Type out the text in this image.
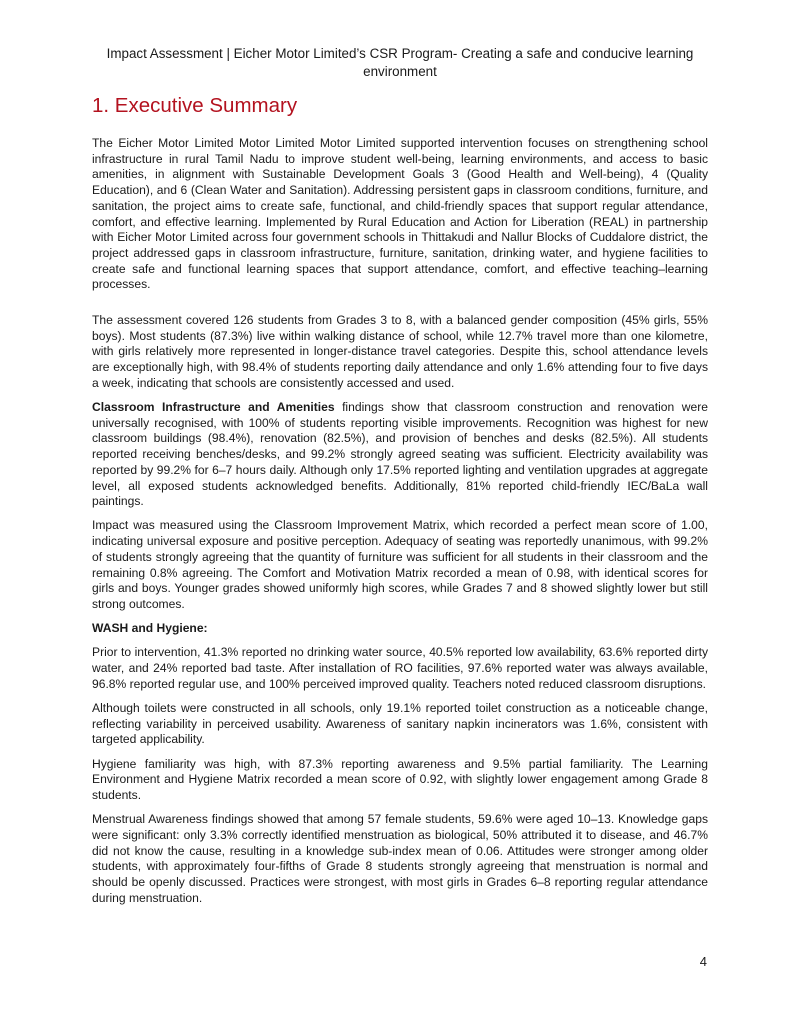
Impact Assessment | Eicher Motor Limited’s CSR Program- Creating a safe and conducive learning environment
1. Executive Summary

The Eicher Motor Limited Motor Limited Motor Limited supported intervention focuses on strengthening school infrastructure in rural Tamil Nadu to improve student well-being, learning environments, and access to basic amenities, in alignment with Sustainable Development Goals 3 (Good Health and Well-being), 4 (Quality Education), and 6 (Clean Water and Sanitation). Addressing persistent gaps in classroom conditions, furniture, and sanitation, the project aims to create safe, functional, and child-friendly spaces that support regular attendance, comfort, and effective learning. Implemented by Rural Education and Action for Liberation (REAL) in partnership with Eicher Motor Limited across four government schools in Thittakudi and Nallur Blocks of Cuddalore district, the project addressed gaps in classroom infrastructure, furniture, sanitation, drinking water, and hygiene facilities to create safe and functional learning spaces that support attendance, comfort, and effective teaching–learning processes.

The assessment covered 126 students from Grades 3 to 8, with a balanced gender composition (45% girls, 55% boys). Most students (87.3%) live within walking distance of school, while 12.7% travel more than one kilometre, with girls relatively more represented in longer-distance travel categories. Despite this, school attendance levels are exceptionally high, with 98.4% of students reporting daily attendance and only 1.6% attending four to five days a week, indicating that schools are consistently accessed and used.

Classroom Infrastructure and Amenities findings show that classroom construction and renovation were universally recognised, with 100% of students reporting visible improvements. Recognition was highest for new classroom buildings (98.4%), renovation (82.5%), and provision of benches and desks (82.5%). All students reported receiving benches/desks, and 99.2% strongly agreed seating was sufficient. Electricity availability was reported by 99.2% for 6–7 hours daily. Although only 17.5% reported lighting and ventilation upgrades at aggregate level, all exposed students acknowledged benefits. Additionally, 81% reported child-friendly IEC/BaLa wall paintings.

Impact was measured using the Classroom Improvement Matrix, which recorded a perfect mean score of 1.00, indicating universal exposure and positive perception. Adequacy of seating was reportedly unanimous, with 99.2% of students strongly agreeing that the quantity of furniture was sufficient for all students in their classroom and the remaining 0.8% agreeing. The Comfort and Motivation Matrix recorded a mean of 0.98, with identical scores for girls and boys. Younger grades showed uniformly high scores, while Grades 7 and 8 showed slightly lower but still strong outcomes.

WASH and Hygiene:

Prior to intervention, 41.3% reported no drinking water source, 40.5% reported low availability, 63.6% reported dirty water, and 24% reported bad taste. After installation of RO facilities, 97.6% reported water was always available, 96.8% reported regular use, and 100% perceived improved quality. Teachers noted reduced classroom disruptions.

Although toilets were constructed in all schools, only 19.1% reported toilet construction as a noticeable change, reflecting variability in perceived usability. Awareness of sanitary napkin incinerators was 1.6%, consistent with targeted applicability.

Hygiene familiarity was high, with 87.3% reporting awareness and 9.5% partial familiarity. The Learning Environment and Hygiene Matrix recorded a mean score of 0.92, with slightly lower engagement among Grade 8 students.

Menstrual Awareness findings showed that among 57 female students, 59.6% were aged 10–13. Knowledge gaps were significant: only 3.3% correctly identified menstruation as biological, 50% attributed it to disease, and 46.7% did not know the cause, resulting in a knowledge sub-index mean of 0.06. Attitudes were stronger among older students, with approximately four-fifths of Grade 8 students strongly agreeing that menstruation is normal and should be openly discussed. Practices were strongest, with most girls in Grades 6–8 reporting regular attendance during menstruation.

4
